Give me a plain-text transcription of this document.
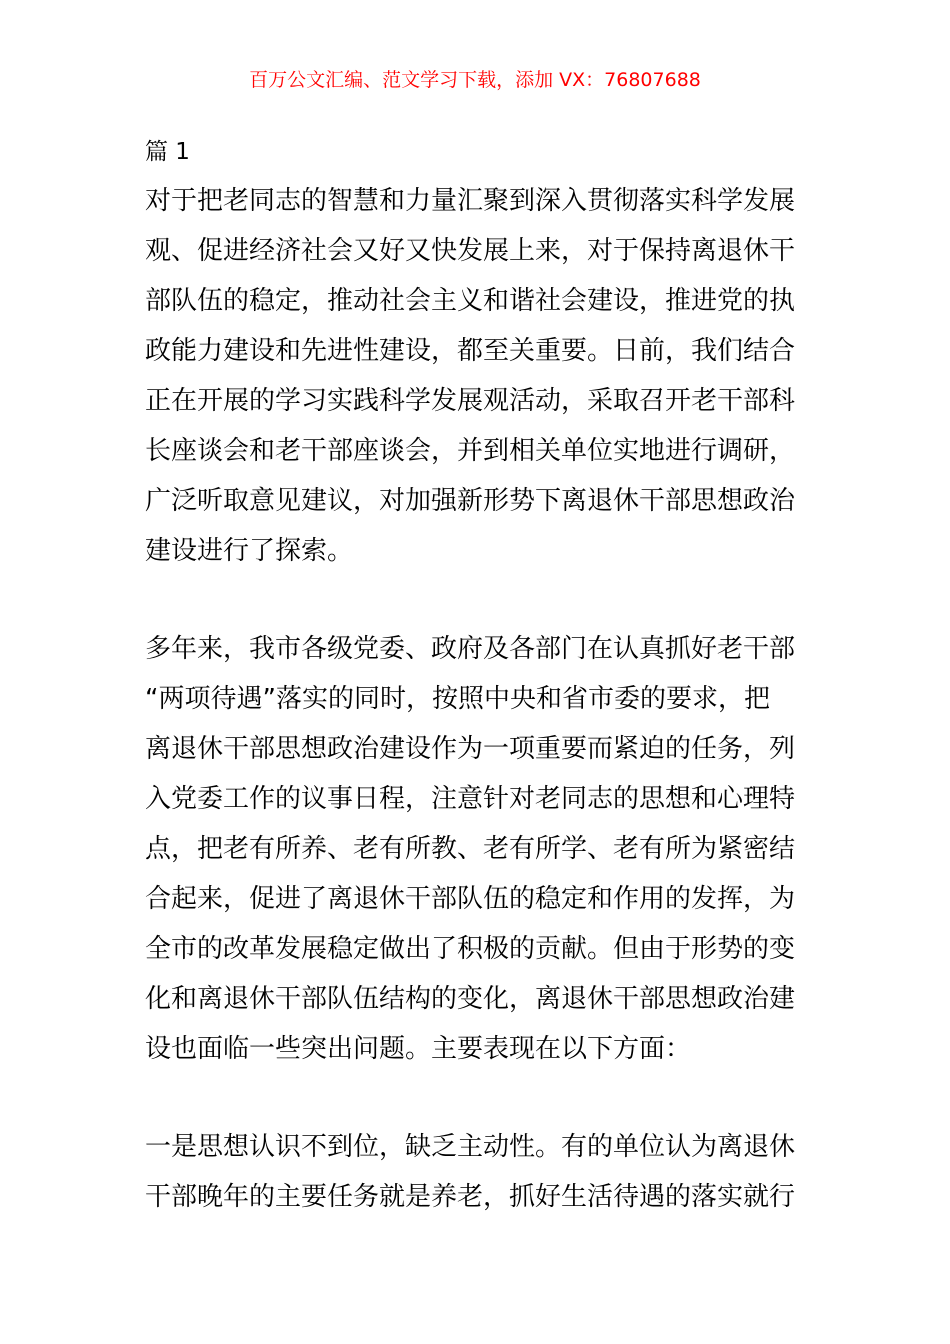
百万公文汇编、范文学习下载，添加 VX：76807688
篇 1
对于把老同志的智慧和力量汇聚到深入贯彻落实科学发展
观、促进经济社会又好又快发展上来，对于保持离退休干
部队伍的稳定，推动社会主义和谐社会建设，推进党的执
政能力建设和先进性建设，都至关重要。日前，我们结合
正在开展的学习实践科学发展观活动，采取召开老干部科
长座谈会和老干部座谈会，并到相关单位实地进行调研，
广泛听取意见建议，对加强新形势下离退休干部思想政治
建设进行了探索。
多年来，我市各级党委、政府及各部门在认真抓好老干部
“两项待遇”落实的同时，按照中央和省市委的要求，把
离退休干部思想政治建设作为一项重要而紧迫的任务，列
入党委工作的议事日程，注意针对老同志的思想和心理特
点，把老有所养、老有所教、老有所学、老有所为紧密结
合起来，促进了离退休干部队伍的稳定和作用的发挥，为
全市的改革发展稳定做出了积极的贡献。但由于形势的变
化和离退休干部队伍结构的变化，离退休干部思想政治建
设也面临一些突出问题。主要表现在以下方面：
一是思想认识不到位，缺乏主动性。有的单位认为离退休
干部晚年的主要任务就是养老，抓好生活待遇的落实就行
